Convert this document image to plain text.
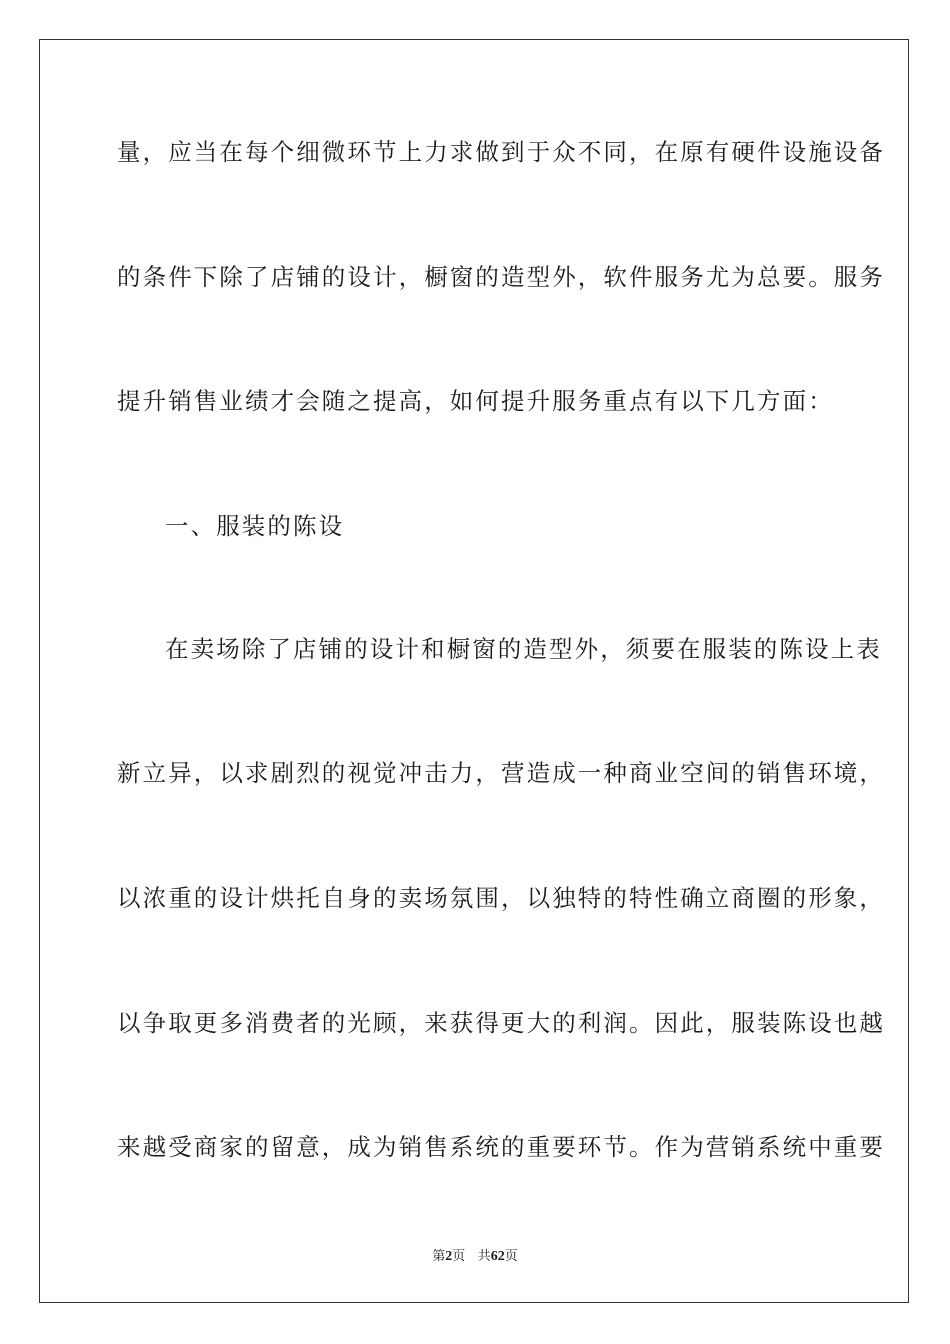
量，应当在每个细微环节上力求做到于众不同，在原有硬件设施设备
的条件下除了店铺的设计，橱窗的造型外，软件服务尤为总要。服务
提升销售业绩才会随之提高，如何提升服务重点有以下几方面：
一、服装的陈设
在卖场除了店铺的设计和橱窗的造型外，须要在服装的陈设上表
新立异，以求剧烈的视觉冲击力，营造成一种商业空间的销售环境，
以浓重的设计烘托自身的卖场氛围，以独特的特性确立商圈的形象，
以争取更多消费者的光顾，来获得更大的利润。因此，服装陈设也越
来越受商家的留意，成为销售系统的重要环节。作为营销系统中重要
第2页 共62页
